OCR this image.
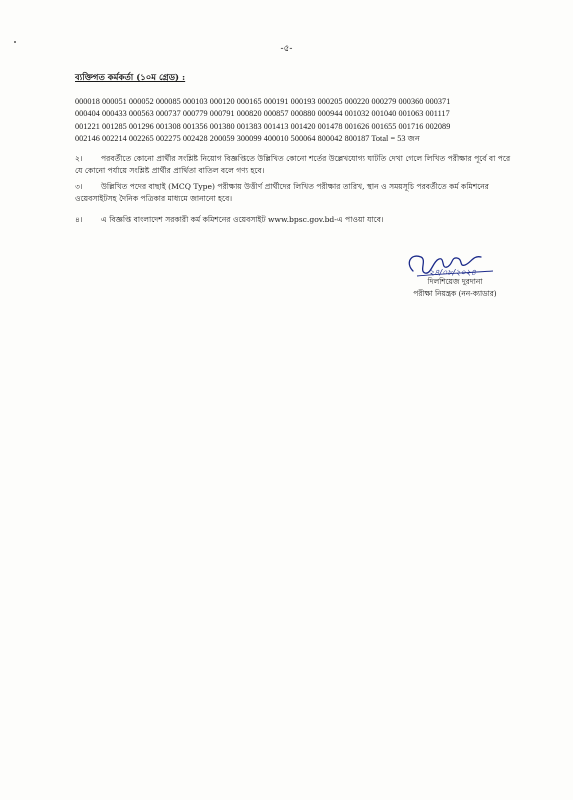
-৫-
ব্যক্তিগত কর্মকর্তা (১০ম গ্রেড) :
000018 000051 000052 000085 000103 000120 000165 000191 000193 000205 000220 000279 000360 000371
000404 000433 000563 000737 000779 000791 000820 000857 000880 000944 001032 001040 001063 001117
001221 001285 001296 001308 001356 001380 001383 001413 001420 001478 001626 001655 001716 002089
002146 002214 002265 002275 002428 200059 300099 400010 500064 800042 800187 Total = 53 জন
২। পরবর্তীতে কোনো প্রার্থীর সংশ্লিষ্ট নিয়োগ বিজ্ঞপ্তিতে উল্লিখিত কোনো শর্তের উল্লেখযোগ্য ঘাটতি দেখা গেলে লিখিত পরীক্ষার পূর্বে বা পরে যে কোনো পর্যায়ে সংশ্লিষ্ট প্রার্থীর প্রার্থিতা বাতিল বলে গণ্য হবে।
৩। উল্লিখিত পদের বাছাই (MCQ Type) পরীক্ষায় উত্তীর্ণ প্রার্থীদের লিখিত পরীক্ষার তারিখ, স্থান ও সময়সূচি পরবর্তীতে কর্ম কমিশনের ওয়েবসাইটসহ দৈনিক পত্রিকার মাধ্যমে জানানো হবে।
৪। এ বিজ্ঞপ্তি বাংলাদেশ সরকারী কর্ম কমিশনের ওয়েবসাইট www.bpsc.gov.bd-এ পাওয়া যাবে।
২৪/০৮/২০২৪
দিলশিয়েজ দুরদানা
পরীক্ষা নিয়ন্ত্রক (নন-ক্যাডার)
